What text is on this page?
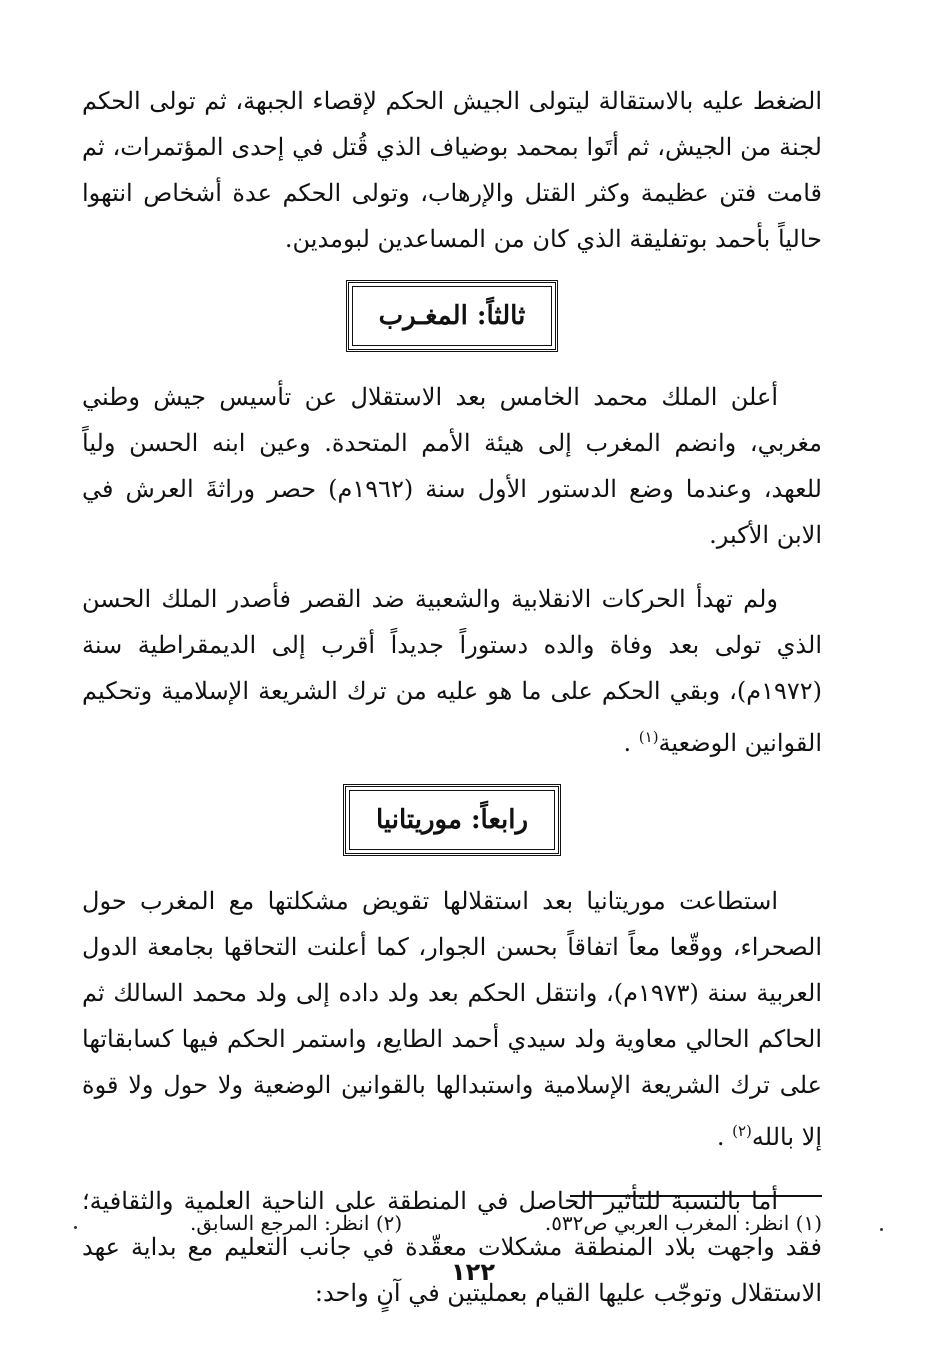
الضغط عليه بالاستقالة ليتولى الجيش الحكم لإقصاء الجبهة، ثم تولى الحكم لجنة من الجيش، ثم أتَوا بمحمد بوضياف الذي قُتل في إحدى المؤتمرات، ثم قامت فتن عظيمة وكثر القتل والإرهاب، وتولى الحكم عدة أشخاص انتهوا حالياً بأحمد بوتفليقة الذي كان من المساعدين لبومدين.

ثالثاً: المغـرب

أعلن الملك محمد الخامس بعد الاستقلال عن تأسيس جيش وطني مغربي، وانضم المغرب إلى هيئة الأمم المتحدة. وعين ابنه الحسن ولياً للعهد، وعندما وضع الدستور الأول سنة (١٩٦٢م) حصر وراثةَ العرش في الابن الأكبر.

ولم تهدأ الحركات الانقلابية والشعبية ضد القصر فأصدر الملك الحسن الذي تولى بعد وفاة والده دستوراً جديداً أقرب إلى الديمقراطية سنة (١٩٧٢م)، وبقي الحكم على ما هو عليه من ترك الشريعة الإسلامية وتحكيم القوانين الوضعية$^{(١)}$ .

رابعاً: موريتانيا

استطاعت موريتانيا بعد استقلالها تقويض مشكلتها مع المغرب حول الصحراء، ووقّعا معاً اتفاقاً بحسن الجوار، كما أعلنت التحاقها بجامعة الدول العربية سنة (١٩٧٣م)، وانتقل الحكم بعد ولد داده إلى ولد محمد السالك ثم الحاكم الحالي معاوية ولد سيدي أحمد الطايع، واستمر الحكم فيها كسابقاتها على ترك الشريعة الإسلامية واستبدالها بالقوانين الوضعية ولا حول ولا قوة إلا بالله$^{(٢)}$ .

أما بالنسبة للتأثير الحاصل في المنطقة على الناحية العلمية والثقافية؛ فقد واجهت بلاد المنطقة مشكلات معقّدة في جانب التعليم مع بداية عهد الاستقلال وتوجّب عليها القيام بعمليتين في آنٍ واحد:

(١) انظر: المغرب العربي ص٥٣٢.
(٢) انظر: المرجع السابق.
١٢٢
